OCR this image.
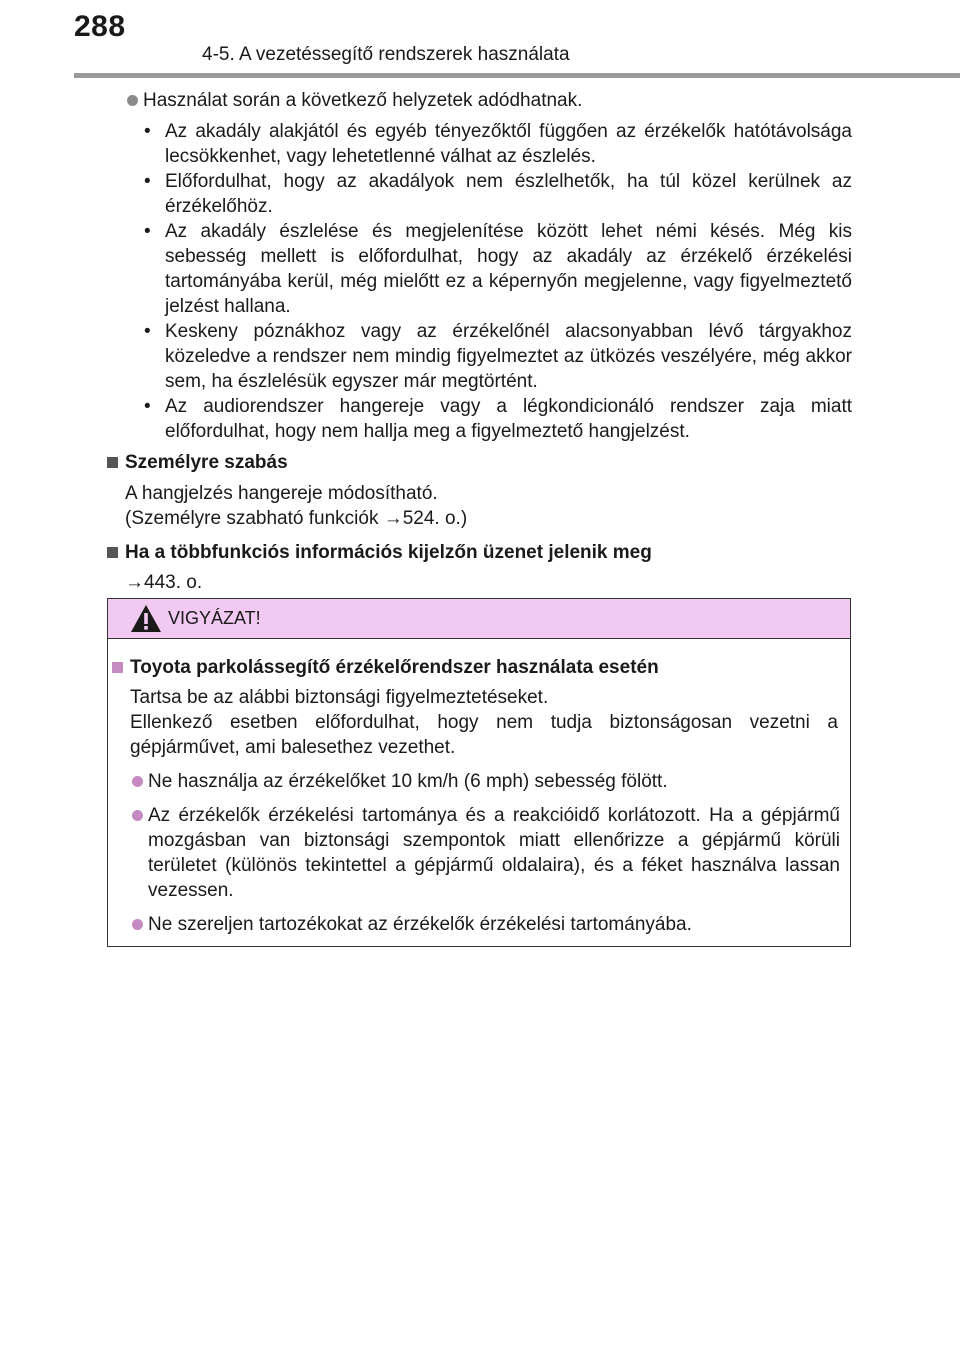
288
4-5. A vezetéssegítő rendszerek használata

Használat során a következő helyzetek adódhatnak.

• Az akadály alakjától és egyéb tényezőktől függően az érzékelők hatótávolsága lecsökkenhet, vagy lehetetlenné válhat az észlelés.
• Előfordulhat, hogy az akadályok nem észlelhetők, ha túl közel kerülnek az érzékelőhöz.
• Az akadály észlelése és megjelenítése között lehet némi késés. Még kis sebesség mellett is előfordulhat, hogy az akadály az érzékelő érzékelési tartományába kerül, még mielőtt ez a képernyőn megjelenne, vagy figyelmeztető jelzést hallana.
• Keskeny póznákhoz vagy az érzékelőnél alacsonyabban lévő tárgyakhoz közeledve a rendszer nem mindig figyelmeztet az ütközés veszélyére, még akkor sem, ha észlelésük egyszer már megtörtént.
• Az audiorendszer hangereje vagy a légkondicionáló rendszer zaja miatt előfordulhat, hogy nem hallja meg a figyelmeztető hangjelzést.
Személyre szabás
A hangjelzés hangereje módosítható.
(Személyre szabható funkciók →524. o.)
Ha a többfunkciós információs kijelzőn üzenet jelenik meg
→443. o.
VIGYÁZAT!
Toyota parkolássegítő érzékelőrendszer használata esetén
Tartsa be az alábbi biztonsági figyelmeztetéseket.
Ellenkező esetben előfordulhat, hogy nem tudja biztonságosan vezetni a gépjárművet, ami balesethez vezethet.
Ne használja az érzékelőket 10 km/h (6 mph) sebesség fölött.
Az érzékelők érzékelési tartománya és a reakcióidő korlátozott. Ha a gépjármű mozgásban van biztonsági szempontok miatt ellenőrizze a gépjármű körüli területet (különös tekintettel a gépjármű oldalaira), és a féket használva lassan vezessen.
Ne szereljen tartozékokat az érzékelők érzékelési tartományába.
